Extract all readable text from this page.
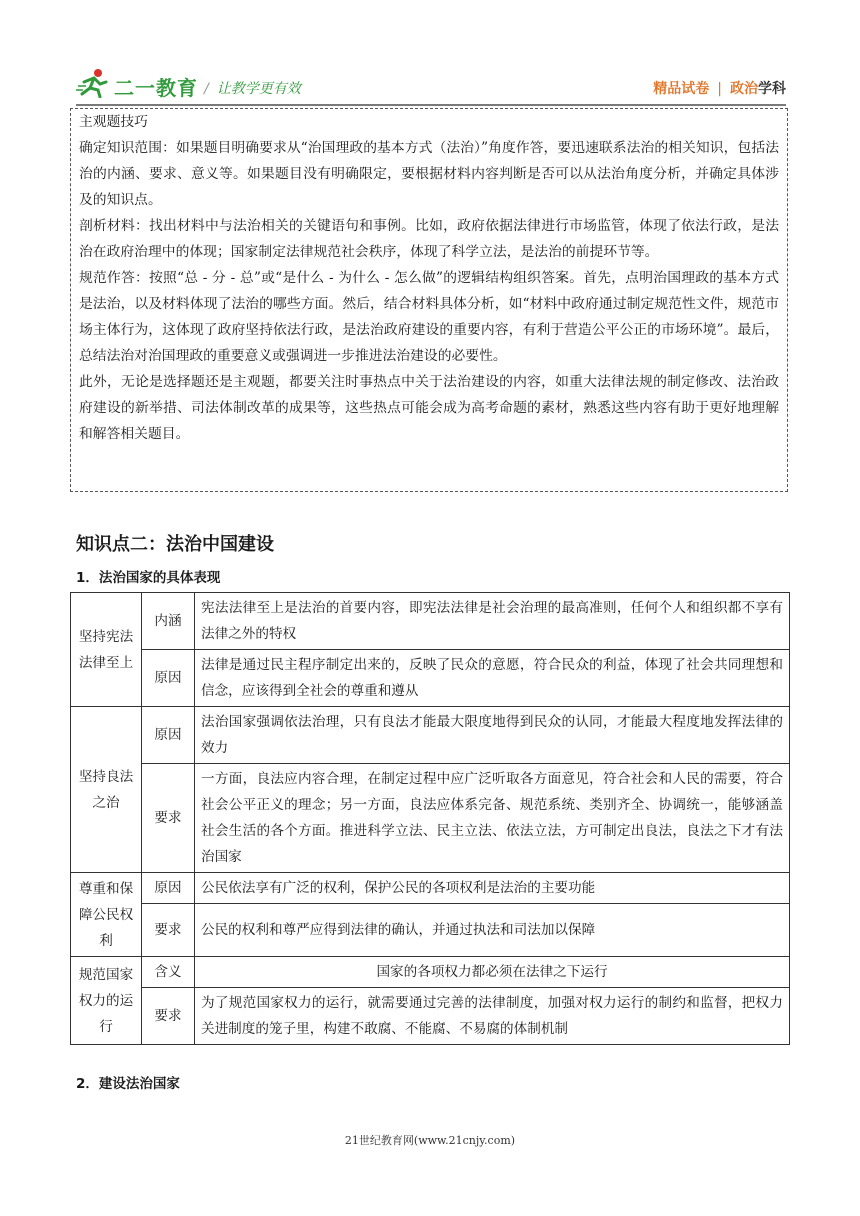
二一教育 / 让教学更有效	精品试卷 | 政治学科

主观题技巧

确定知识范围：如果题目明确要求从“治国理政的基本方式（法治）”角度作答，要迅速联系法治的相关知识，包括法治的内涵、要求、意义等。如果题目没有明确限定，要根据材料内容判断是否可以从法治角度分析，并确定具体涉及的知识点。

剖析材料：找出材料中与法治相关的关键语句和事例。比如，政府依据法律进行市场监管，体现了依法行政，是法治在政府治理中的体现；国家制定法律规范社会秩序，体现了科学立法，是法治的前提环节等。

规范作答：按照“总 - 分 - 总”或“是什么 - 为什么 - 怎么做”的逻辑结构组织答案。首先，点明治国理政的基本方式是法治，以及材料体现了法治的哪些方面。然后，结合材料具体分析，如“材料中政府通过制定规范性文件，规范市场主体行为，这体现了政府坚持依法行政，是法治政府建设的重要内容，有利于营造公平公正的市场环境”。最后，总结法治对治国理政的重要意义或强调进一步推进法治建设的必要性。

此外，无论是选择题还是主观题，都要关注时事热点中关于法治建设的内容，如重大法律法规的制定修改、法治政府建设的新举措、司法体制改革的成果等，这些热点可能会成为高考命题的素材，熟悉这些内容有助于更好地理解和解答相关题目。

知识点二：法治中国建设
1．法治国家的具体表现
坚持宪法法律至上	内涵	宪法法律至上是法治的首要内容，即宪法法律是社会治理的最高准则，任何个人和组织都不享有法律之外的特权
	原因	法律是通过民主程序制定出来的，反映了民众的意愿，符合民众的利益，体现了社会共同理想和信念，应该得到全社会的尊重和遵从
坚持良法之治	原因	法治国家强调依法治理，只有良法才能最大限度地得到民众的认同，才能最大程度地发挥法律的效力
	要求	一方面，良法应内容合理，在制定过程中应广泛听取各方面意见，符合社会和人民的需要，符合社会公平正义的理念；另一方面，良法应体系完备、规范系统、类别齐全、协调统一，能够涵盖社会生活的各个方面。推进科学立法、民主立法、依法立法，方可制定出良法，良法之下才有法治国家
尊重和保障公民权利	原因	公民依法享有广泛的权利，保护公民的各项权利是法治的主要功能
	要求	公民的权利和尊严应得到法律的确认，并通过执法和司法加以保障
规范国家权力的运行	含义	国家的各项权力都必须在法律之下运行
	要求	为了规范国家权力的运行，就需要通过完善的法律制度，加强对权力运行的制约和监督，把权力关进制度的笼子里，构建不敢腐、不能腐、不易腐的体制机制
2．建设法治国家
21世纪教育网(www.21cnjy.com)
